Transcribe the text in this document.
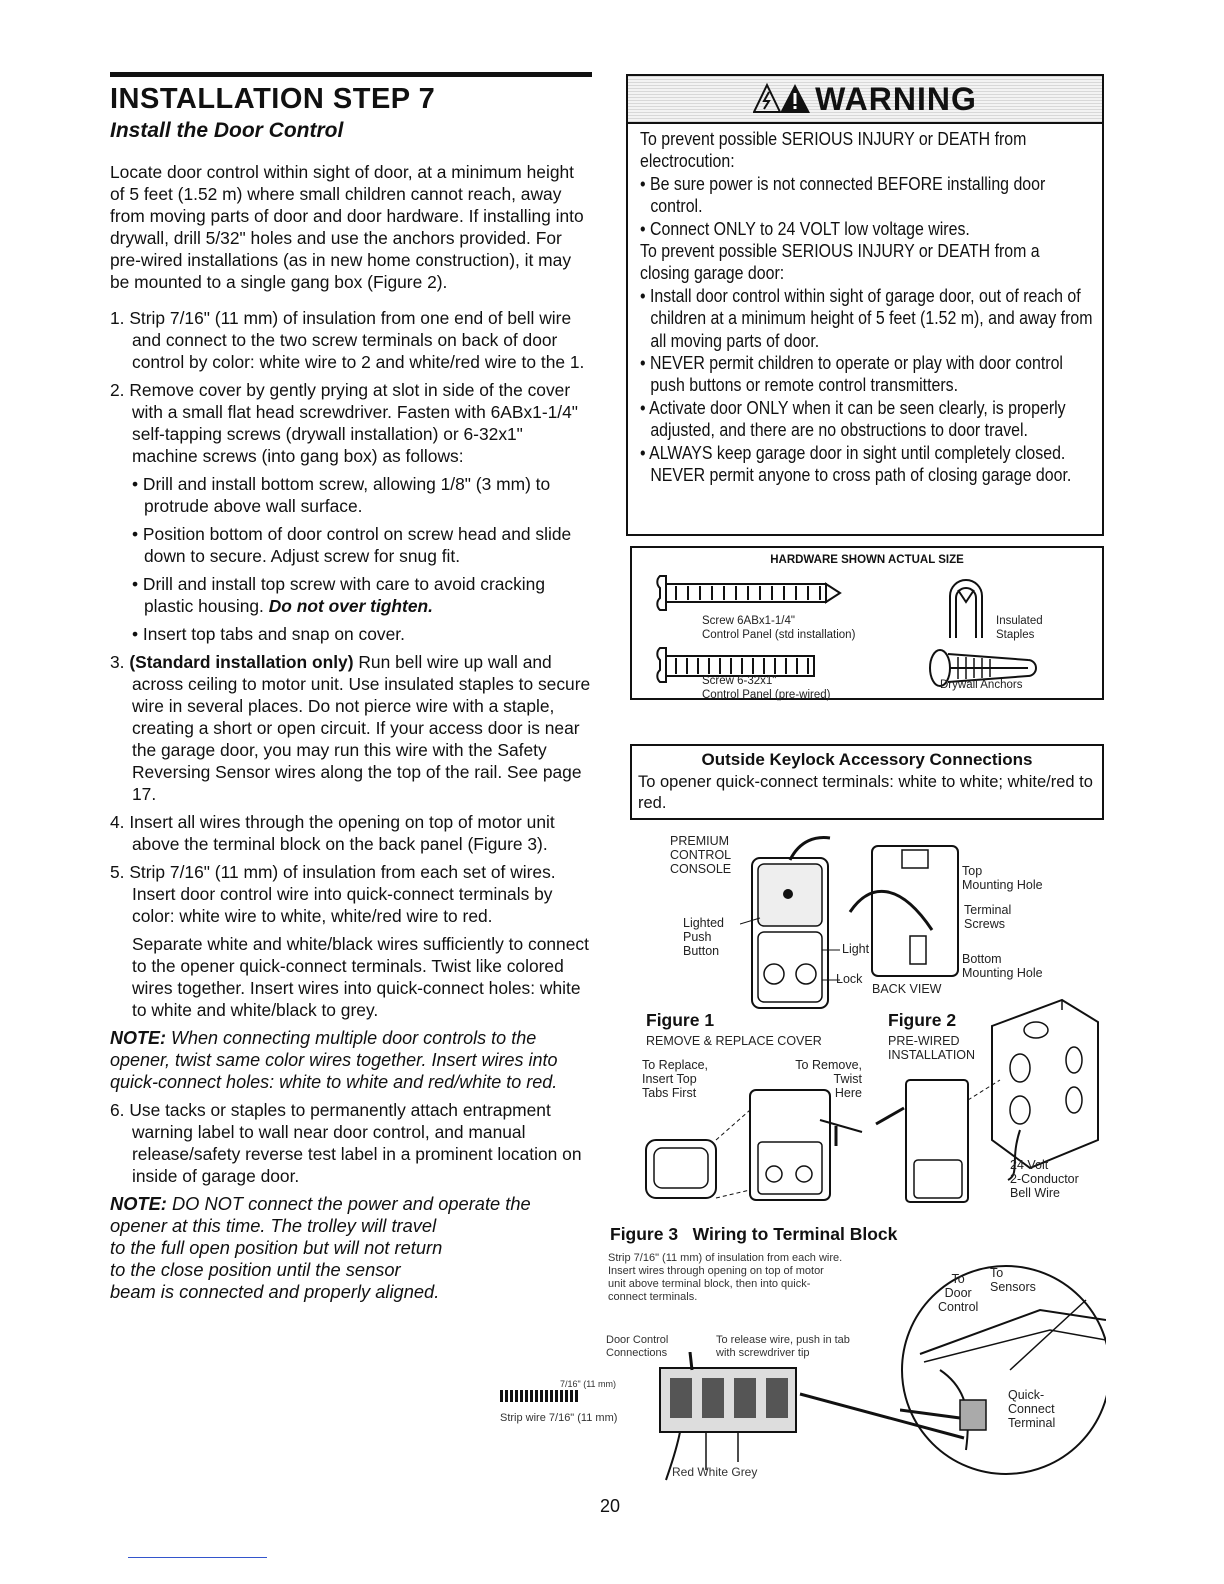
INSTALLATION STEP 7
Install the Door Control

Locate door control within sight of door, at a minimum height of 5 feet (1.52 m) where small children cannot reach, away from moving parts of door and door hardware. If installing into drywall, drill 5/32" holes and use the anchors provided. For pre-wired installations (as in new home construction), it may be mounted to a single gang box (Figure 2).

1. Strip 7/16" (11 mm) of insulation from one end of bell wire and connect to the two screw terminals on back of door control by color: white wire to 2 and white/red wire to the 1.

2. Remove cover by gently prying at slot in side of the cover with a small flat head screwdriver. Fasten with 6ABx1-1/4" self-tapping screws (drywall installation) or 6-32x1" machine screws (into gang box) as follows:

• Drill and install bottom screw, allowing 1/8" (3 mm) to protrude above wall surface.

• Position bottom of door control on screw head and slide down to secure. Adjust screw for snug fit.

• Drill and install top screw with care to avoid cracking plastic housing. Do not over tighten.

• Insert top tabs and snap on cover.

3. (Standard installation only) Run bell wire up wall and across ceiling to motor unit. Use insulated staples to secure wire in several places. Do not pierce wire with a staple, creating a short or open circuit. If your access door is near the garage door, you may run this wire with the Safety Reversing Sensor wires along the top of the rail. See page 17.

4. Insert all wires through the opening on top of motor unit above the terminal block on the back panel (Figure 3).

5. Strip 7/16" (11 mm) of insulation from each set of wires. Insert door control wire into quick-connect terminals by color: white wire to white, white/red wire to red.

Separate white and white/black wires sufficiently to connect to the opener quick-connect terminals. Twist like colored wires together. Insert wires into quick-connect holes: white to white and white/black to grey.

NOTE: When connecting multiple door controls to the opener, twist same color wires together. Insert wires into quick-connect holes: white to white and red/white to red.

6. Use tacks or staples to permanently attach entrapment warning label to wall near door control, and manual release/safety reverse test label in a prominent location on inside of garage door.

NOTE: DO NOT connect the power and operate the
opener at this time. The trolley will travel
to the full open position but will not return
to the close position until the sensor
beam is connected and properly aligned.
WARNING

To prevent possible SERIOUS INJURY or DEATH from electrocution:

• Be sure power is not connected BEFORE installing door control.

• Connect ONLY to 24 VOLT low voltage wires.

To prevent possible SERIOUS INJURY or DEATH from a closing garage door:

• Install door control within sight of garage door, out of reach of children at a minimum height of 5 feet (1.52 m), and away from all moving parts of door.

• NEVER permit children to operate or play with door control push buttons or remote control transmitters.

• Activate door ONLY when it can be seen clearly, is properly adjusted, and there are no obstructions to door travel.

• ALWAYS keep garage door in sight until completely closed. NEVER permit anyone to cross path of closing garage door.

HARDWARE SHOWN ACTUAL SIZE
Screw 6ABx1-1/4"
Control Panel (std installation)
Insulated
Staples
Screw 6-32x1"
Control Panel (pre-wired)
Drywall Anchors
Outside Keylock Accessory Connections
To opener quick-connect terminals: white to white; white/red to red.
PREMIUM
CONTROL
CONSOLE
Lighted
Push
Button	Light
Lock
BACK VIEW
Top
Mounting Hole
Terminal
Screws
Bottom
Mounting Hole
Figure 1
REMOVE & REPLACE COVER
To Replace,
Insert Top
Tabs First
To Remove,
Twist
Here
Figure 2
PRE-WIRED
INSTALLATION
24 Volt
2-Conductor
Bell Wire
Figure 3 Wiring to Terminal Block
Strip 7/16" (11 mm) of insulation from each wire.
Insert wires through opening on top of motor
unit above terminal block, then into quick-
connect terminals.
Door Control
Connections
To release wire, push in tab
with screwdriver tip
7/16" (11 mm)
Strip wire 7/16" (11 mm)
Red White Grey
To
Door
Control
To
Sensors
Quick-
Connect
Terminal
20
